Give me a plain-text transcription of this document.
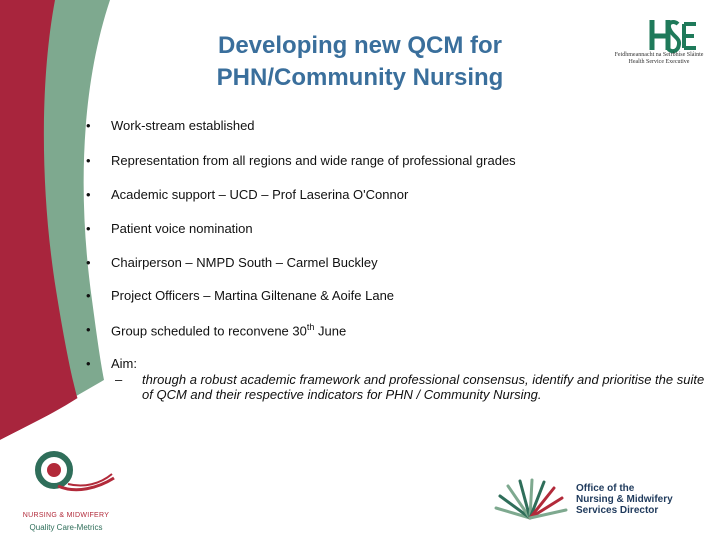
Developing new QCM for
PHN/Community Nursing
Feidhmeannacht na Seirbhíse Sláinte
Health Service Executive
• Work-stream established
• Representation from all regions and wide range of professional grades
• Academic support – UCD – Prof Laserina O'Connor
• Patient voice nomination
• Chairperson – NMPD South – Carmel Buckley
• Project Officers – Martina Giltenane & Aoife Lane
• Group scheduled to reconvene 30th June
• Aim:
– through a robust academic framework and professional consensus, identify and prioritise the suite of QCM and their respective indicators for PHN / Community Nursing.
NURSING & MIDWIFERY
Quality Care-Metrics
Office of the
Nursing & Midwifery
Services Director
